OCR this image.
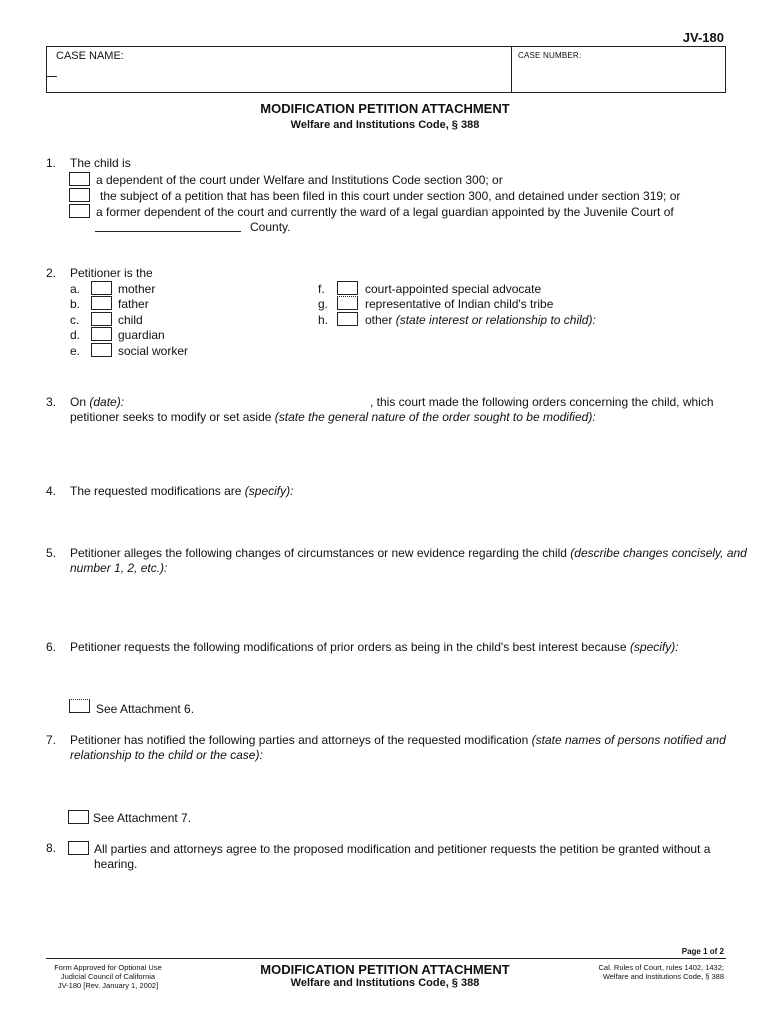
JV-180
CASE NAME:	CASE NUMBER:
MODIFICATION PETITION ATTACHMENT
Welfare and Institutions Code, § 388
1. The child is
a dependent of the court under Welfare and Institutions Code section 300; or
the subject of a petition that has been filed in this court under section 300, and detained under section 319; or
a former dependent of the court and currently the ward of a legal guardian appointed by the Juvenile Court of
County.
2. Petitioner is the
a.	mother
b.	father
c.	child
d.	guardian
e.	social worker
f.	court-appointed special advocate
g.	representative of Indian child's tribe
h.	other (state interest or relationship to child):
3. On (date):	, this court made the following orders concerning the child, which
petitioner seeks to modify or set aside (state the general nature of the order sought to be modified):
4. The requested modifications are (specify):
5. Petitioner alleges the following changes of circumstances or new evidence regarding the child (describe changes concisely, and
number 1, 2, etc.):
6. Petitioner requests the following modifications of prior orders as being in the child's best interest because (specify):
See Attachment 6.
7. Petitioner has notified the following parties and attorneys of the requested modification (state names of persons notified and
relationship to the child or the case):
See Attachment 7.
8.	All parties and attorneys agree to the proposed modification and petitioner requests the petition be granted without a
hearing.
Page 1 of 2
Form Approved for Optional Use
Judicial Council of California
JV-180 [Rev. January 1, 2002]
MODIFICATION PETITION ATTACHMENT
Welfare and Institutions Code, § 388
Cal. Rules of Court, rules 1402, 1432;
Welfare and Institutions Code, § 388
